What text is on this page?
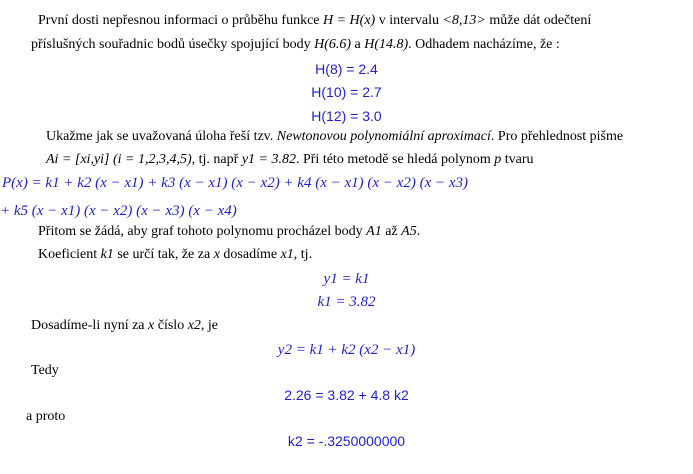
První dosti nepřesnou informaci o průběhu funkce H = H(x) v intervalu <8,13> může dát odečtení
příslušných souřadnic bodů úsečky spojující body H(6.6) a H(14.8). Odhadem nacházíme, že :
H(8) = 2.4
H(10) = 2.7
H(12) = 3.0
Ukažme jak se uvažovaná úloha řeší tzv. Newtonovou polynomiální aproximací. Pro přehlednost pišme
Ai = [xi,yi] (i = 1,2,3,4,5), tj. např y1 = 3.82. Při této metodě se hledá polynom p tvaru
P(x) = k1 + k2 (x − x1) + k3 (x − x1) (x − x2) + k4 (x − x1) (x − x2) (x − x3)
+ k5 (x − x1) (x − x2) (x − x3) (x − x4)
Přitom se žádá, aby graf tohoto polynomu procházel body A1 až A5.
Koeficient k1 se určí tak, že za x dosadíme x1, tj.
y1 = k1
k1 = 3.82
Dosadíme-li nyní za x číslo x2, je
y2 = k1 + k2 (x2 − x1)
Tedy
2.26 = 3.82 + 4.8 k2
a proto
k2 = -.3250000000
